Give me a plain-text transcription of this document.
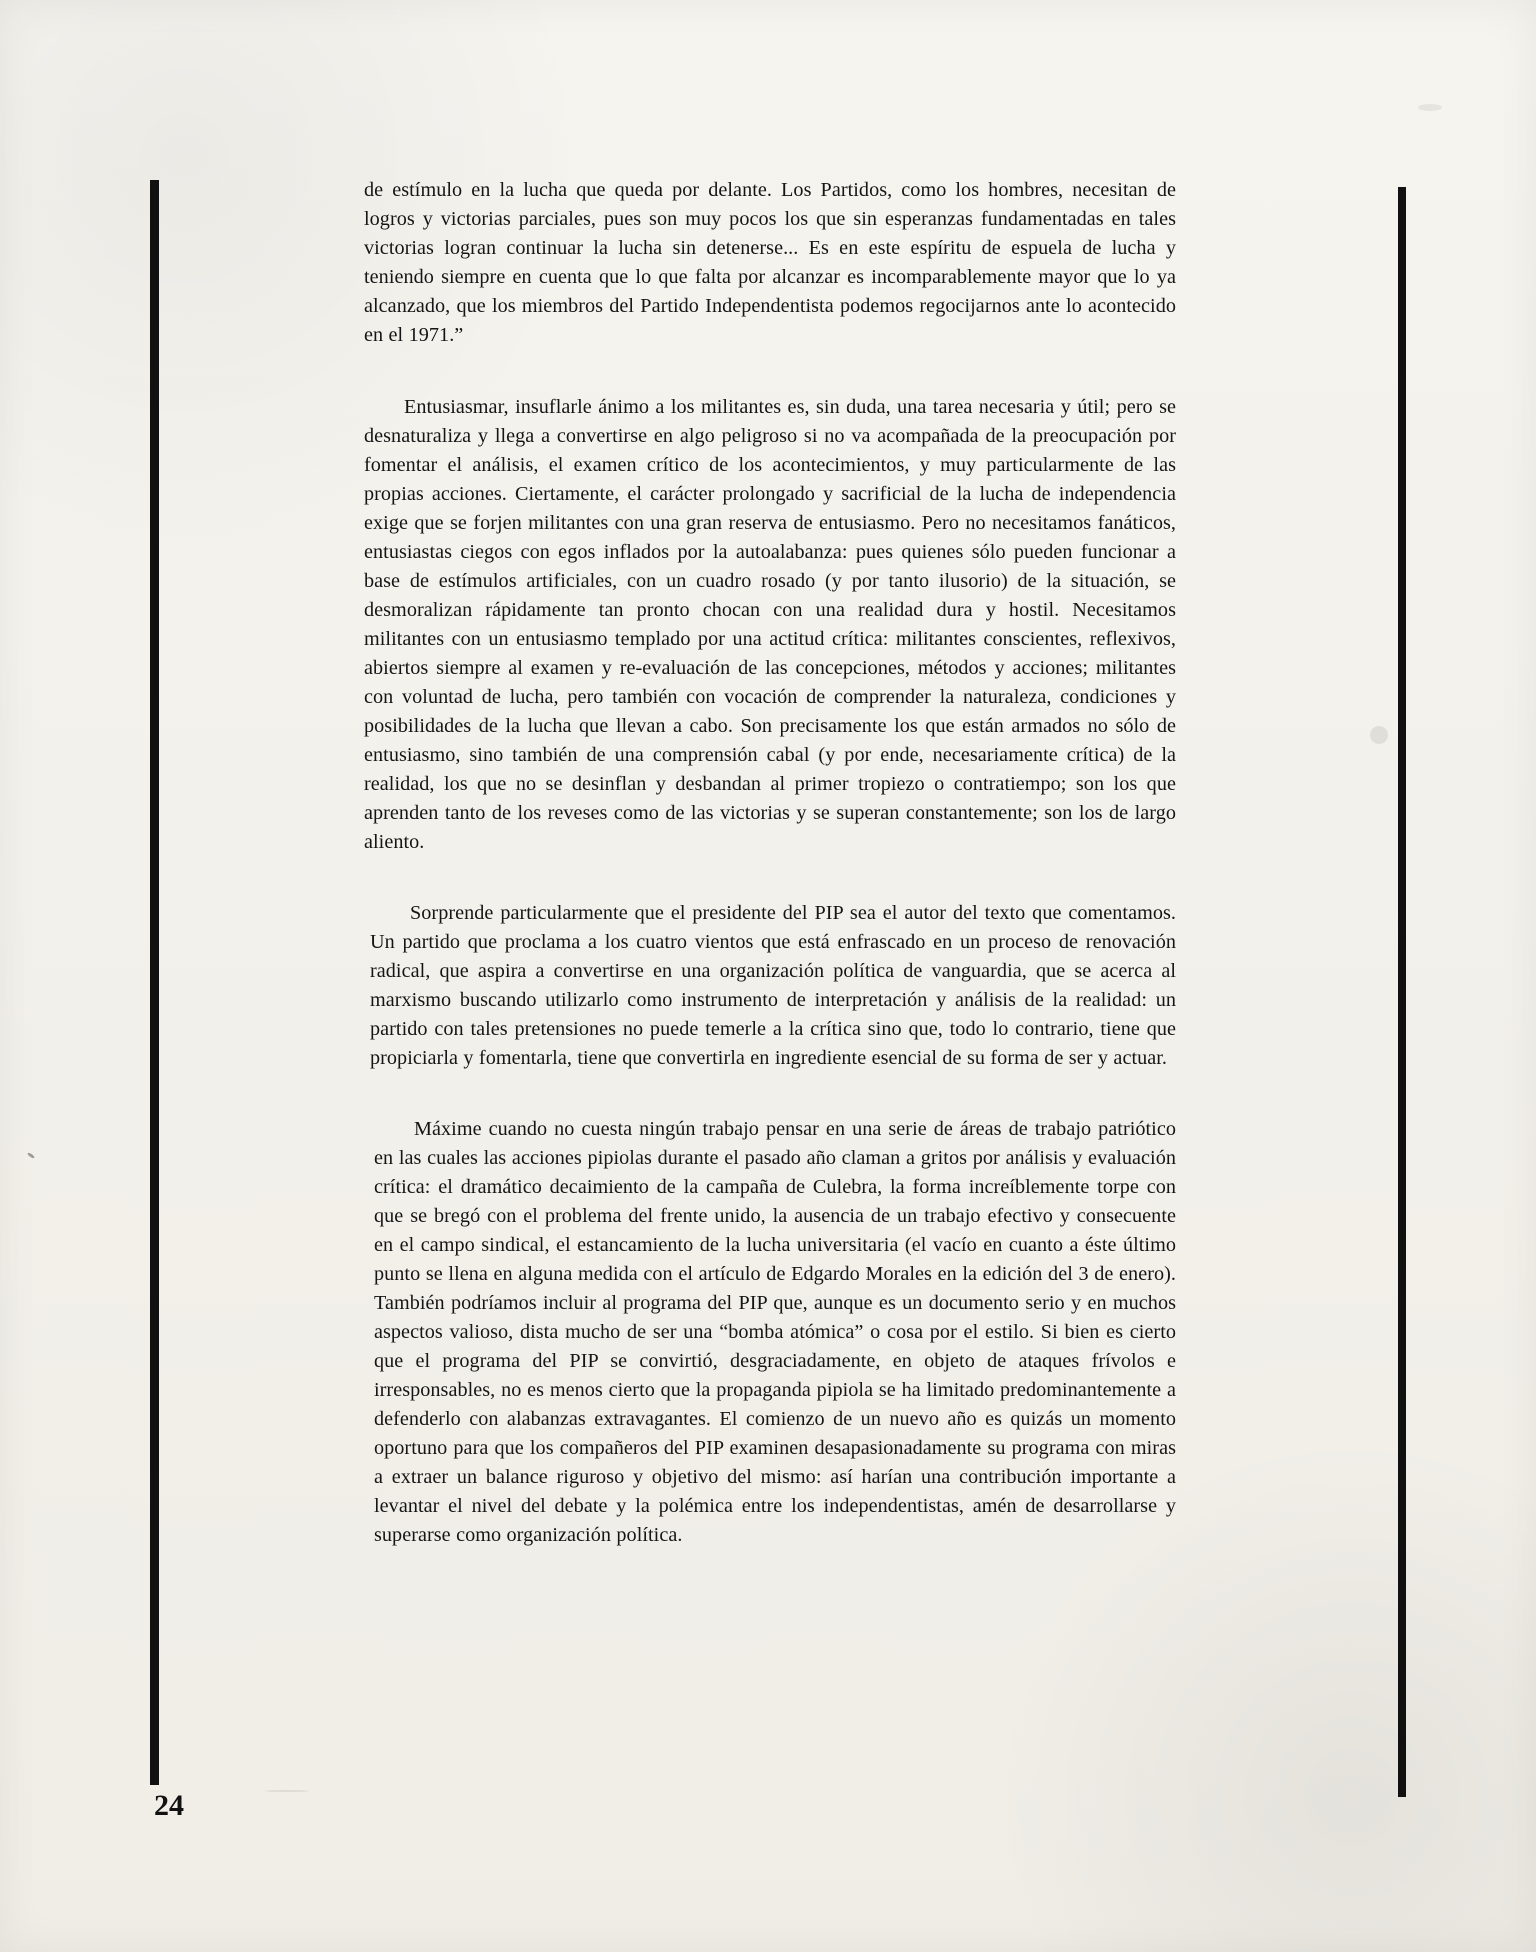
de estímulo en la lucha que queda por delante. Los Partidos, como los hombres, necesitan de logros y victorias parciales, pues son muy pocos los que sin esperanzas fundamentadas en tales victorias logran continuar la lucha sin detenerse... Es en este espíritu de espuela de lucha y teniendo siempre en cuenta que lo que falta por alcanzar es incomparablemente mayor que lo ya alcanzado, que los miembros del Partido Independentista podemos regocijarnos ante lo acontecido en el 1971.”

Entusiasmar, insuflarle ánimo a los militantes es, sin duda, una tarea necesaria y útil; pero se desnaturaliza y llega a convertirse en algo peligroso si no va acompañada de la preocupación por fomentar el análisis, el examen crítico de los acontecimientos, y muy particularmente de las propias acciones. Ciertamente, el carácter prolongado y sacrificial de la lucha de independencia exige que se forjen militantes con una gran reserva de entusiasmo. Pero no necesitamos fanáticos, entusiastas ciegos con egos inflados por la autoalabanza: pues quienes sólo pueden funcionar a base de estímulos artificiales, con un cuadro rosado (y por tanto ilusorio) de la situación, se desmoralizan rápidamente tan pronto chocan con una realidad dura y hostil. Necesitamos militantes con un entusiasmo templado por una actitud crítica: militantes conscientes, reflexivos, abiertos siempre al examen y re-evaluación de las concepciones, métodos y acciones; militantes con voluntad de lucha, pero también con vocación de comprender la naturaleza, condiciones y posibilidades de la lucha que llevan a cabo. Son precisamente los que están armados no sólo de entusiasmo, sino también de una comprensión cabal (y por ende, necesariamente crítica) de la realidad, los que no se desinflan y desbandan al primer tropiezo o contratiempo; son los que aprenden tanto de los reveses como de las victorias y se superan constantemente; son los de largo aliento.

Sorprende particularmente que el presidente del PIP sea el autor del texto que comentamos. Un partido que proclama a los cuatro vientos que está enfrascado en un proceso de renovación radical, que aspira a convertirse en una organización política de vanguardia, que se acerca al marxismo buscando utilizarlo como instrumento de interpretación y análisis de la realidad: un partido con tales pretensiones no puede temerle a la crítica sino que, todo lo contrario, tiene que propiciarla y fomentarla, tiene que convertirla en ingrediente esencial de su forma de ser y actuar.

Máxime cuando no cuesta ningún trabajo pensar en una serie de áreas de trabajo patriótico en las cuales las acciones pipiolas durante el pasado año claman a gritos por análisis y evaluación crítica: el dramático decaimiento de la campaña de Culebra, la forma increíblemente torpe con que se bregó con el problema del frente unido, la ausencia de un trabajo efectivo y consecuente en el campo sindical, el estancamiento de la lucha universitaria (el vacío en cuanto a éste último punto se llena en alguna medida con el artículo de Edgardo Morales en la edición del 3 de enero). También podríamos incluir al programa del PIP que, aunque es un documento serio y en muchos aspectos valioso, dista mucho de ser una “bomba atómica” o cosa por el estilo. Si bien es cierto que el programa del PIP se convirtió, desgraciadamente, en objeto de ataques frívolos e irresponsables, no es menos cierto que la propaganda pipiola se ha limitado predominantemente a defenderlo con alabanzas extravagantes. El comienzo de un nuevo año es quizás un momento oportuno para que los compañeros del PIP examinen desapasionadamente su programa con miras a extraer un balance riguroso y objetivo del mismo: así harían una contribución importante a levantar el nivel del debate y la polémica entre los independentistas, amén de desarrollarse y superarse como organización política.

24
